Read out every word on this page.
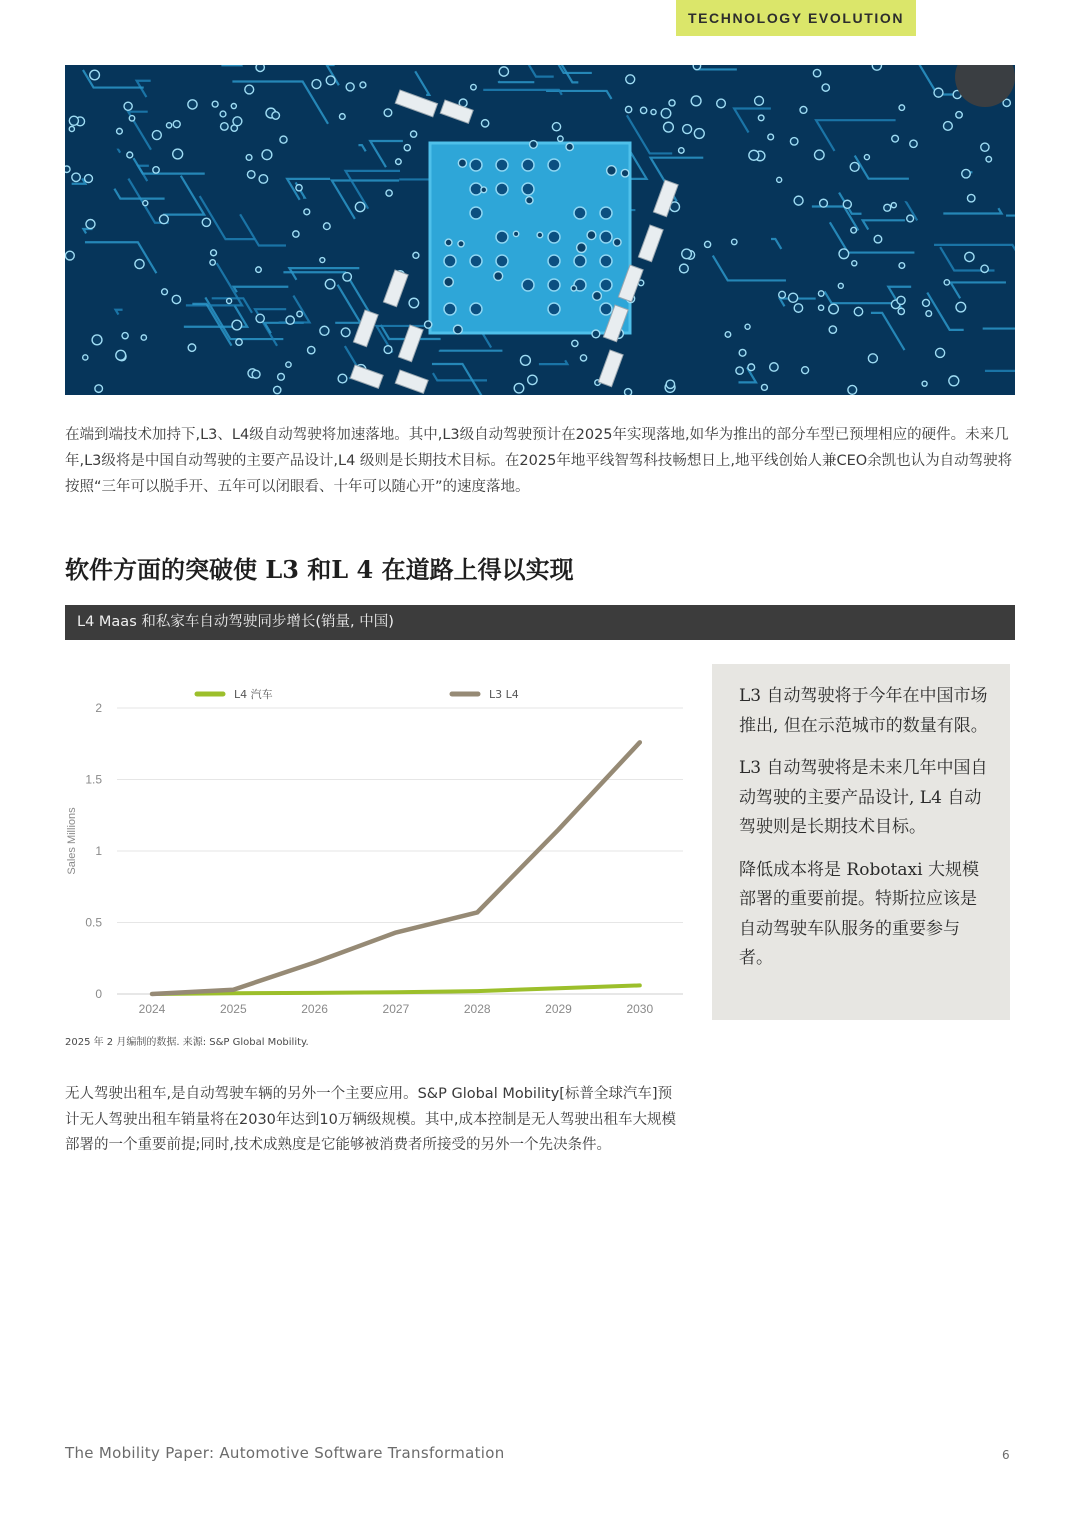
TECHNOLOGY EVOLUTION

在端到端技术加持下,L3、L4级自动驾驶将加速落地。其中,L3级自动驾驶预计在2025年实现落地,如华为推出的部分车型已预埋相应的硬件。未来几年,L3级将是中国自动驾驶的主要产品设计,L4 级则是长期技术目标。在2025年地平线智驾科技畅想日上,地平线创始人兼CEO余凯也认为自动驾驶将按照“三年可以脱手开、五年可以闭眼看、十年可以随心开”的速度落地。

软件方面的突破使 L3 和L 4 在道路上得以实现
L4 Maas 和私家车自动驾驶同步增长(销量, 中国)
0
0.5
1
1.5
2
2024	2025	2026	2027	2028	2029	2030
Sales Millions
L4 汽车	L3 L4
2025 年 2 月编制的数据. 来源: S&P Global Mobility.

L3 自动驾驶将于今年在中国市场推出, 但在示范城市的数量有限。

L3 自动驾驶将是未来几年中国自动驾驶的主要产品设计, L4 自动驾驶则是长期技术目标。

降低成本将是 Robotaxi 大规模部署的重要前提。特斯拉应该是自动驾驶车队服务的重要参与者。

无人驾驶出租车,是自动驾驶车辆的另外一个主要应用。S&P Global Mobility[标普全球汽车]预计无人驾驶出租车销量将在2030年达到10万辆级规模。其中,成本控制是无人驾驶出租车大规模部署的一个重要前提;同时,技术成熟度是它能够被消费者所接受的另外一个先决条件。

The Mobility Paper: Automotive Software Transformation	6
